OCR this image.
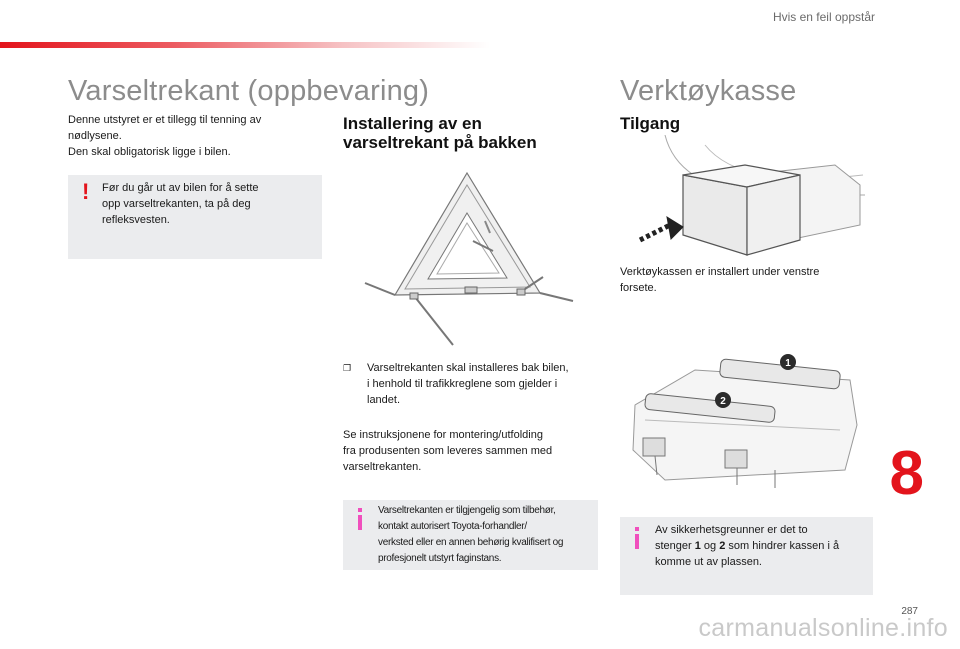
Hvis en feil oppstår
Varseltrekant (oppbevaring)
Denne utstyret er et tillegg til tenning av
nødlysene.
Den skal obligatorisk ligge i bilen.
! Før du går ut av bilen for å sette
opp varseltrekanten, ta på deg
refleksvesten.
Installering av en
varseltrekant på bakken
❐ Varseltrekanten skal installeres bak bilen,
i henhold til trafikkreglene som gjelder i
landet.
Se instruksjonene for montering/utfolding
fra produsenten som leveres sammen med
varseltrekanten.
Varseltrekanten er tilgjengelig som tilbehør,
kontakt autorisert Toyota-forhandler/
verksted eller en annen behørig kvalifisert og
profesjonelt utstyrt faginstans.
Verktøykasse
Tilgang
Verktøykassen er installert under venstre
forsete.
1
2
Av sikkerhetsgreunner er det to
stenger 1 og 2 som hindrer kassen i å
komme ut av plassen.
8
287
carmanualsonline.info
